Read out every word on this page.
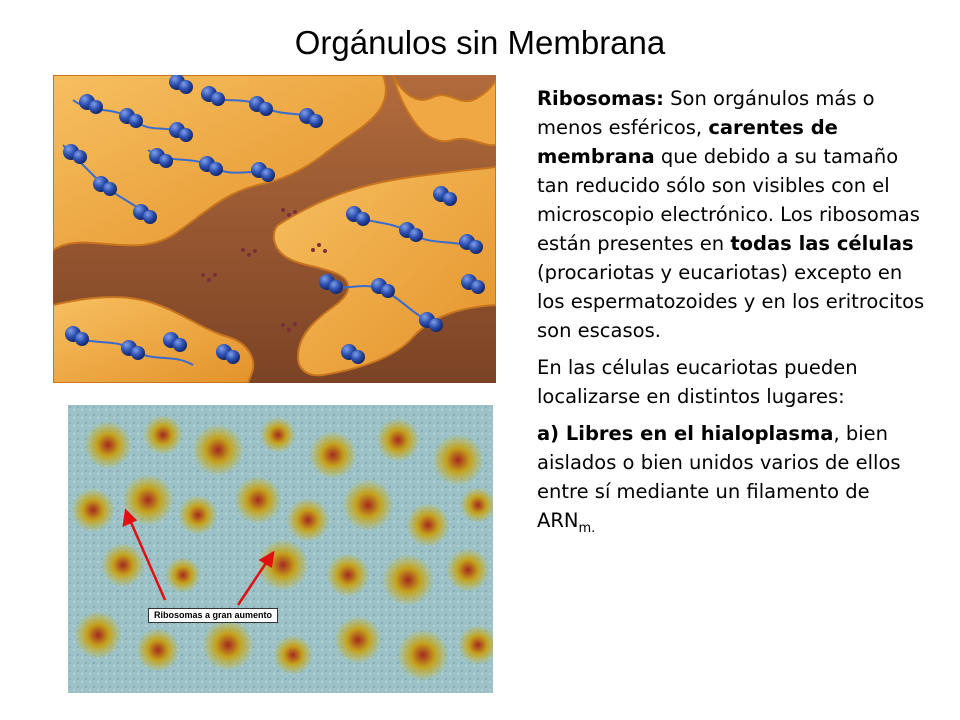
Orgánulos sin Membrana
Ribosomas a gran aumento

Ribosomas: Son orgánulos más o menos esféricos, carentes de membrana que debido a su tamaño tan reducido sólo son visibles con el microscopio electrónico. Los ribosomas están presentes en todas las células (procariotas y eucariotas) excepto en los espermatozoides y en los eritrocitos son escasos.

En las células eucariotas pueden localizarse en distintos lugares:

a) Libres en el hialoplasma, bien aislados o bien unidos varios de ellos entre sí mediante un filamento de $ARN_{m.}$
